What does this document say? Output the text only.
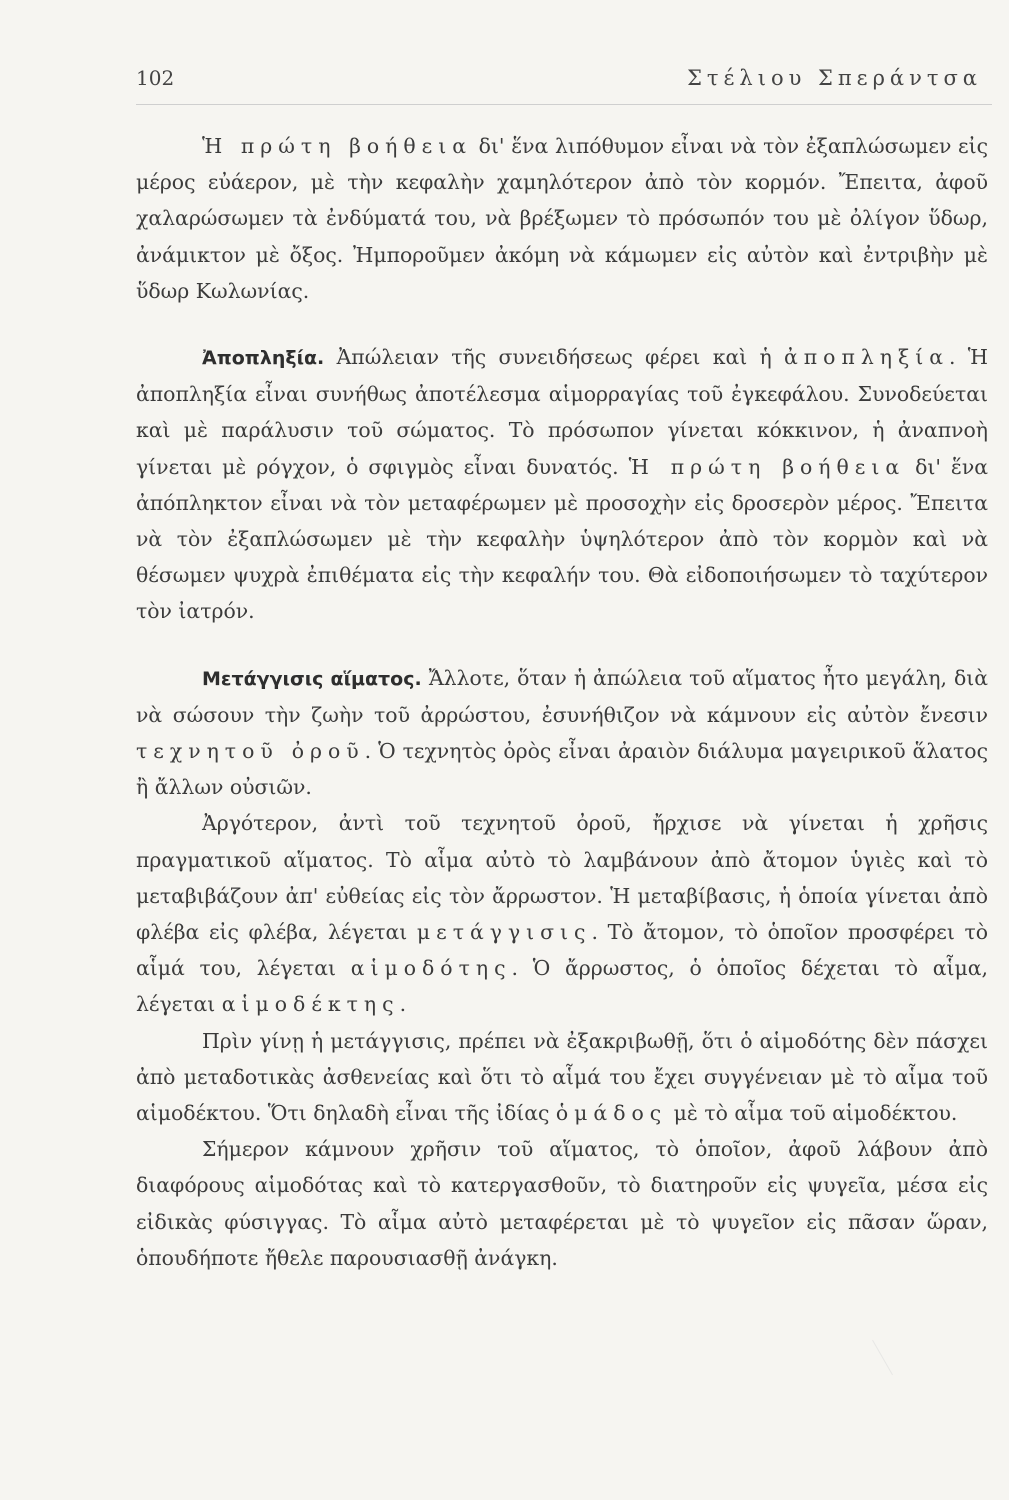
102	Στέλιου Σπεράντσα

Ἡ πρώτη βοήθεια δι' ἕνα λιπόθυμον εἶναι νὰ τὸν ἐξαπλώσωμεν εἰς μέρος εὐάερον, μὲ τὴν κεφαλὴν χαμηλότερον ἀπὸ τὸν κορμόν. Ἔπειτα, ἀφοῦ χαλαρώσωμεν τὰ ἐνδύματά του, νὰ βρέξωμεν τὸ πρόσωπόν του μὲ ὀλίγον ὕδωρ, ἀνάμικτον μὲ ὄξος. Ἠμποροῦμεν ἀκόμη νὰ κάμωμεν εἰς αὐτὸν καὶ ἐντριβὴν μὲ ὕδωρ Κωλωνίας.

Ἀποπληξία. Ἀπώλειαν τῆς συνειδήσεως φέρει καὶ ἡ ἀποπληξία. Ἡ ἀποπληξία εἶναι συνήθως ἀποτέλεσμα αἱμορραγίας τοῦ ἐγκεφάλου. Συνοδεύεται καὶ μὲ παράλυσιν τοῦ σώματος. Τὸ πρόσωπον γίνεται κόκκινον, ἡ ἀναπνοὴ γίνεται μὲ ρόγχον, ὁ σφιγμὸς εἶναι δυνατός. Ἡ πρώτη βοήθεια δι' ἕνα ἀπόπληκτον εἶναι νὰ τὸν μεταφέρωμεν μὲ προσοχὴν εἰς δροσερὸν μέρος. Ἔπειτα νὰ τὸν ἐξαπλώσωμεν μὲ τὴν κεφαλὴν ὑψηλότερον ἀπὸ τὸν κορμὸν καὶ νὰ θέσωμεν ψυχρὰ ἐπιθέματα εἰς τὴν κεφαλήν του. Θὰ εἰδοποιήσωμεν τὸ ταχύτερον τὸν ἰατρόν.

Μετάγγισις αἵματος. Ἄλλοτε, ὅταν ἡ ἀπώλεια τοῦ αἵματος ἦτο μεγάλη, διὰ νὰ σώσουν τὴν ζωὴν τοῦ ἀρρώστου, ἐσυνήθιζον νὰ κάμνουν εἰς αὐτὸν ἔνεσιν τεχνητοῦ ὀροῦ. Ὁ τεχνητὸς ὀρὸς εἶναι ἀραιὸν διάλυμα μαγειρικοῦ ἅλατος ἢ ἄλλων οὐσιῶν.

Ἀργότερον, ἀντὶ τοῦ τεχνητοῦ ὀροῦ, ἤρχισε νὰ γίνεται ἡ χρῆσις πραγματικοῦ αἵματος. Τὸ αἷμα αὐτὸ τὸ λαμβάνουν ἀπὸ ἄτομον ὑγιὲς καὶ τὸ μεταβιβάζουν ἀπ' εὐθείας εἰς τὸν ἄρρωστον. Ἡ μεταβίβασις, ἡ ὁποία γίνεται ἀπὸ φλέβα εἰς φλέβα, λέγεται μετάγγισις. Τὸ ἄτομον, τὸ ὁποῖον προσφέρει τὸ αἷμά του, λέγεται αἱμοδότης. Ὁ ἄρρωστος, ὁ ὁποῖος δέχεται τὸ αἷμα, λέγεται αἱμοδέκτης.

Πρὶν γίνῃ ἡ μετάγγισις, πρέπει νὰ ἐξακριβωθῇ, ὅτι ὁ αἱμοδότης δὲν πάσχει ἀπὸ μεταδοτικὰς ἀσθενείας καὶ ὅτι τὸ αἷμά του ἔχει συγγένειαν μὲ τὸ αἷμα τοῦ αἱμοδέκτου. Ὅτι δηλαδὴ εἶναι τῆς ἰδίας ὁμάδος μὲ τὸ αἷμα τοῦ αἱμοδέκτου.

Σήμερον κάμνουν χρῆσιν τοῦ αἵματος, τὸ ὁποῖον, ἀφοῦ λάβουν ἀπὸ διαφόρους αἱμοδότας καὶ τὸ κατεργασθοῦν, τὸ διατηροῦν εἰς ψυγεῖα, μέσα εἰς εἰδικὰς φύσιγγας. Τὸ αἷμα αὐτὸ μεταφέρεται μὲ τὸ ψυγεῖον εἰς πᾶσαν ὥραν, ὁπουδήποτε ἤθελε παρουσιασθῇ ἀνάγκη.
